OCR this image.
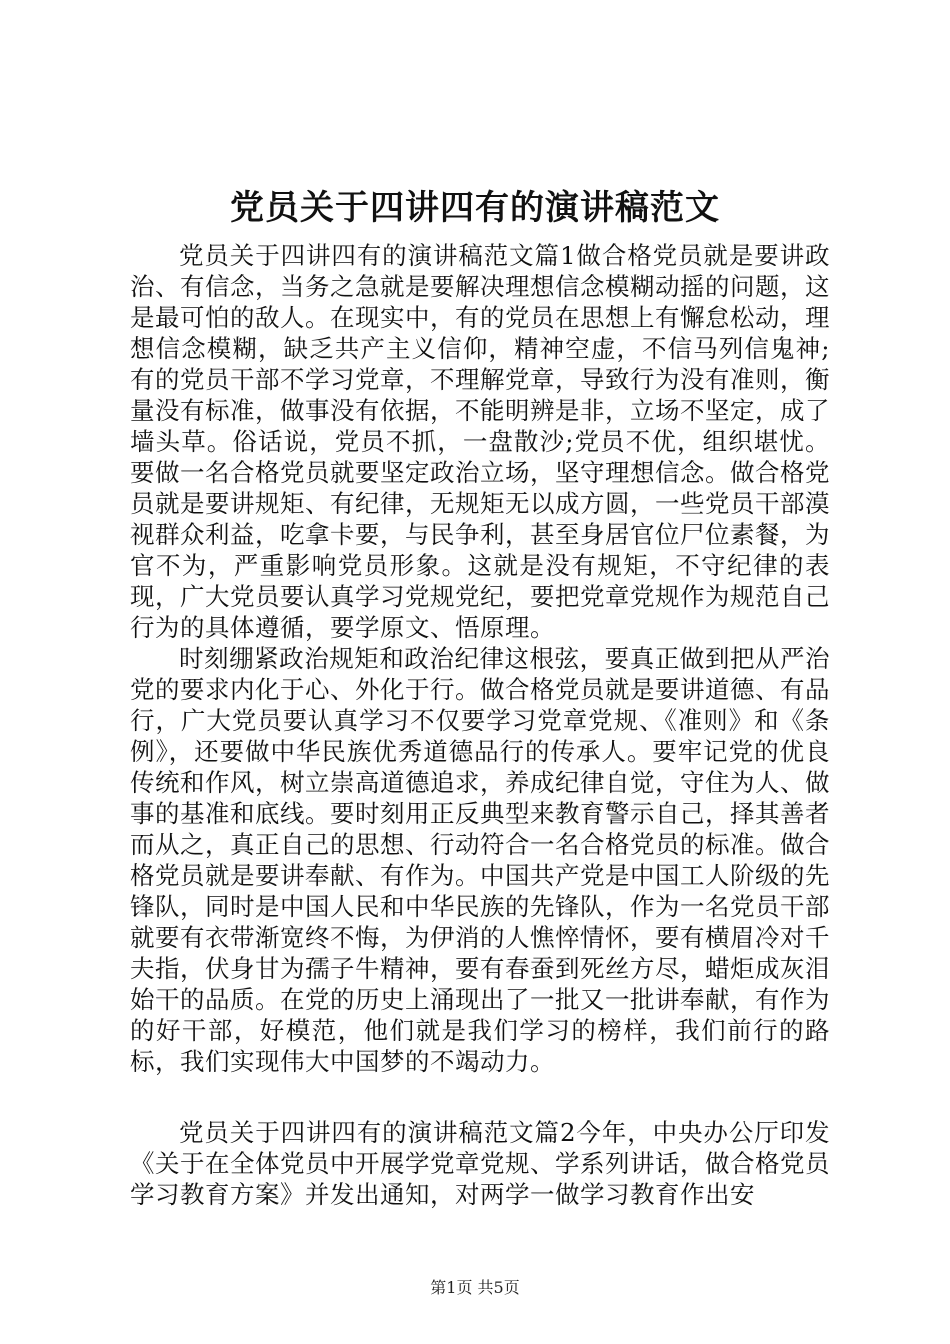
党员关于四讲四有的演讲稿范文

党员关于四讲四有的演讲稿范文篇1做合格党员就是要讲政治、有信念，当务之急就是要解决理想信念模糊动摇的问题，这是最可怕的敌人。在现实中，有的党员在思想上有懈怠松动，理想信念模糊，缺乏共产主义信仰，精神空虚，不信马列信鬼神;有的党员干部不学习党章，不理解党章，导致行为没有准则，衡量没有标准，做事没有依据，不能明辨是非，立场不坚定，成了墙头草。俗话说，党员不抓，一盘散沙;党员不优，组织堪忧。要做一名合格党员就要坚定政治立场，坚守理想信念。做合格党员就是要讲规矩、有纪律，无规矩无以成方圆，一些党员干部漠视群众利益，吃拿卡要，与民争利，甚至身居官位尸位素餐，为官不为，严重影响党员形象。这就是没有规矩，不守纪律的表现，广大党员要认真学习党规党纪，要把党章党规作为规范自己行为的具体遵循，要学原文、悟原理。

时刻绷紧政治规矩和政治纪律这根弦，要真正做到把从严治党的要求内化于心、外化于行。做合格党员就是要讲道德、有品行，广大党员要认真学习不仅要学习党章党规、《准则》和《条例》，还要做中华民族优秀道德品行的传承人。要牢记党的优良传统和作风，树立崇高道德追求，养成纪律自觉，守住为人、做事的基准和底线。要时刻用正反典型来教育警示自己，择其善者而从之，真正自己的思想、行动符合一名合格党员的标准。做合格党员就是要讲奉献、有作为。中国共产党是中国工人阶级的先锋队，同时是中国人民和中华民族的先锋队，作为一名党员干部就要有衣带渐宽终不悔，为伊消的人憔悴情怀，要有横眉冷对千夫指，伏身甘为孺子牛精神，要有春蚕到死丝方尽，蜡炬成灰泪始干的品质。在党的历史上涌现出了一批又一批讲奉献，有作为的好干部，好模范，他们就是我们学习的榜样，我们前行的路标，我们实现伟大中国梦的不竭动力。

党员关于四讲四有的演讲稿范文篇2今年，中央办公厅印发《关于在全体党员中开展学党章党规、学系列讲话，做合格党员学习教育方案》并发出通知，对两学一做学习教育作出安

第1页 共5页
